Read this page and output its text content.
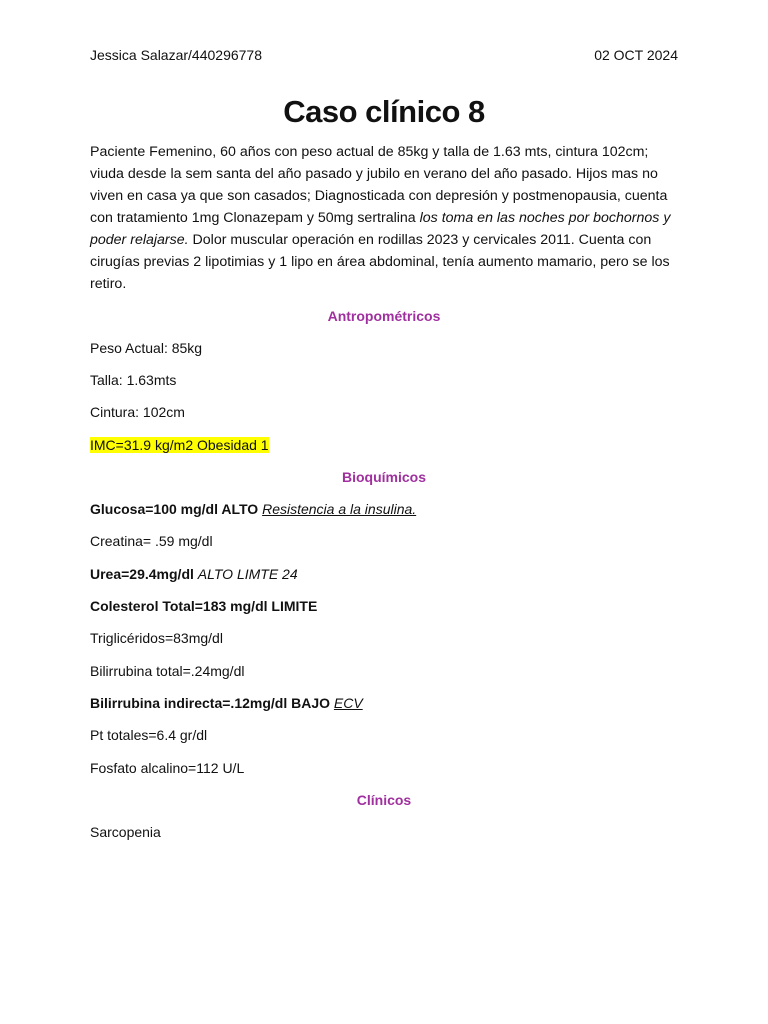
Jessica Salazar/440296778	02 OCT 2024
Caso clínico 8

Paciente Femenino, 60 años con peso actual de 85kg y talla de 1.63 mts, cintura 102cm; viuda desde la sem santa del año pasado y jubilo en verano del año pasado. Hijos mas no viven en casa ya que son casados; Diagnosticada con depresión y postmenopausia, cuenta con tratamiento 1mg Clonazepam y 50mg sertralina los toma en las noches por bochornos y poder relajarse. Dolor muscular operación en rodillas 2023 y cervicales 2011. Cuenta con cirugías previas 2 lipotimias y 1 lipo en área abdominal, tenía aumento mamario, pero se los retiro.

Antropométricos
Peso Actual: 85kg
Talla: 1.63mts
Cintura: 102cm
IMC=31.9 kg/m2 Obesidad 1
Bioquímicos
Glucosa=100 mg/dl ALTO Resistencia a la insulina.
Creatina= .59 mg/dl
Urea=29.4mg/dl ALTO LIMTE 24
Colesterol Total=183 mg/dl LIMITE
Triglicéridos=83mg/dl
Bilirrubina total=.24mg/dl
Bilirrubina indirecta=.12mg/dl BAJO ECV
Pt totales=6.4 gr/dl
Fosfato alcalino=112 U/L
Clínicos
Sarcopenia
